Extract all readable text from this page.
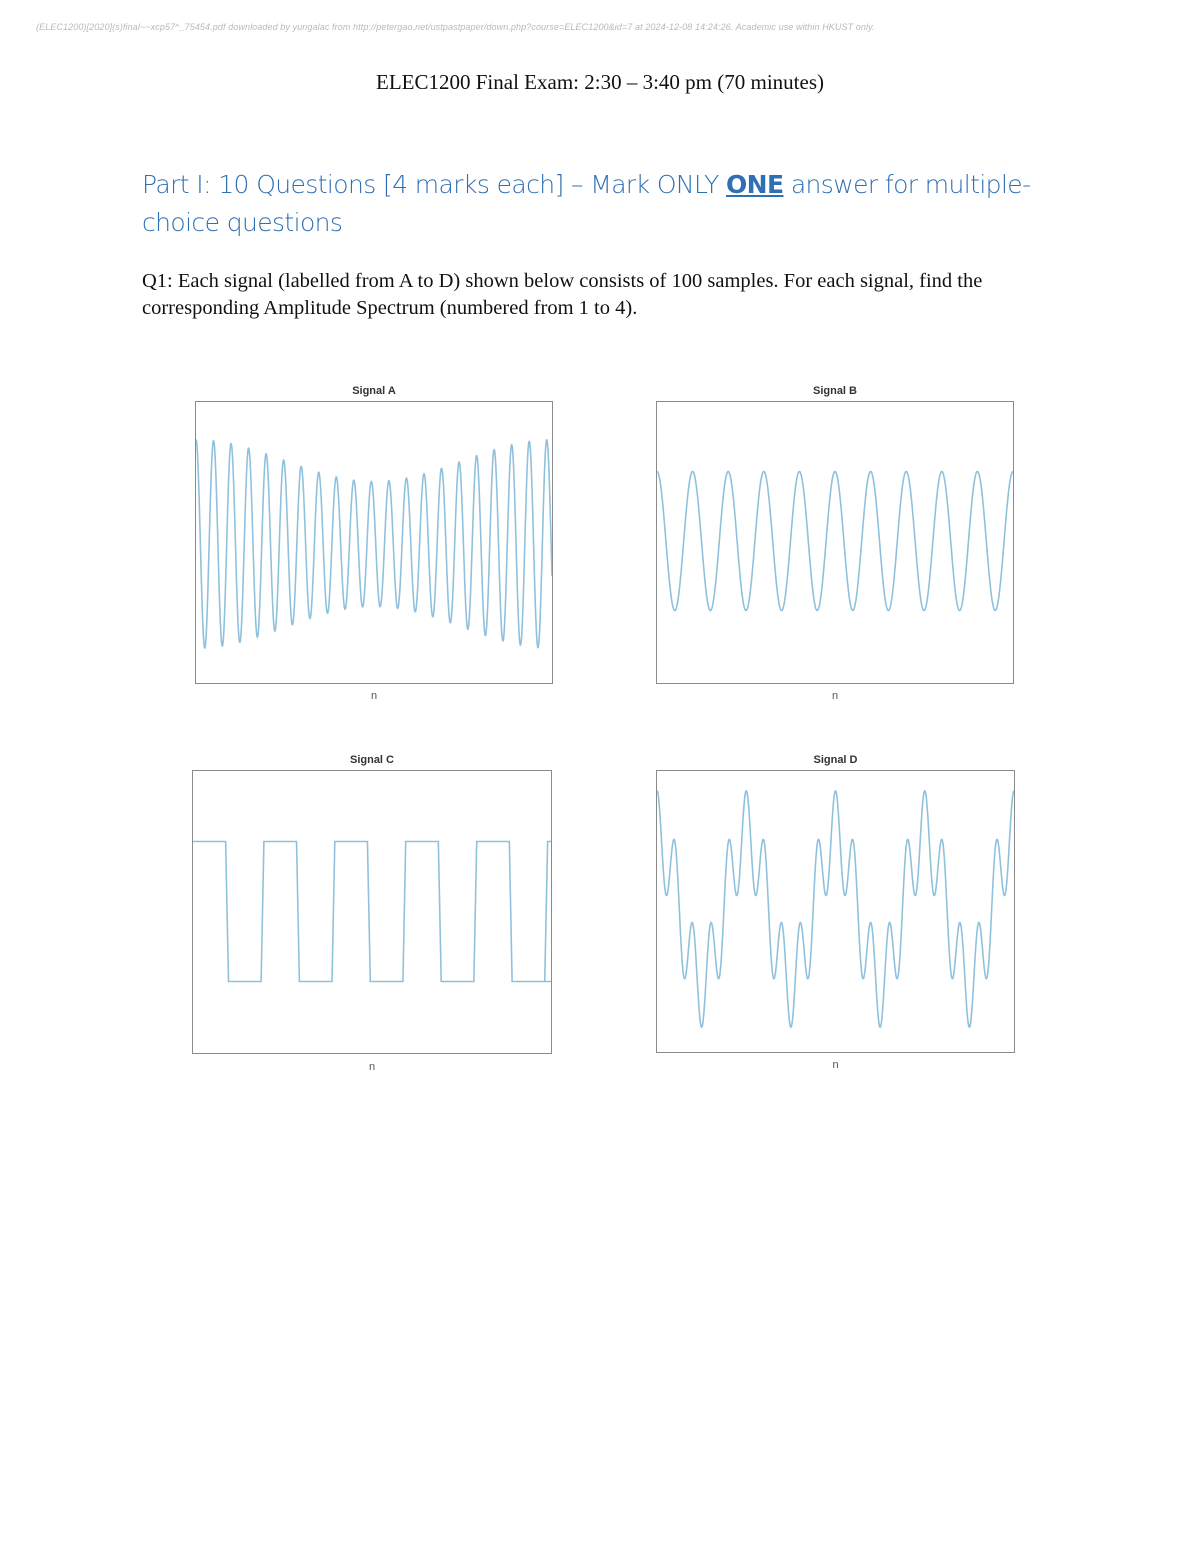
(ELEC1200)[2020](s)final~~xcp57^_75454.pdf downloaded by yungalac from http://petergao.net/ustpastpaper/down.php?course=ELEC1200&id=7 at 2024-12-08 14:24:26. Academic use within HKUST only.
ELEC1200 Final Exam: 2:30 – 3:40 pm (70 minutes)
Part I: 10 Questions [4 marks each] – Mark ONLY ONE answer for multiple-choice questions
Q1: Each signal (labelled from A to D) shown below consists of 100 samples. For each signal, find the corresponding Amplitude Spectrum (numbered from 1 to 4).
Signal A
n
Signal B
n
Signal C
n
Signal D
n
